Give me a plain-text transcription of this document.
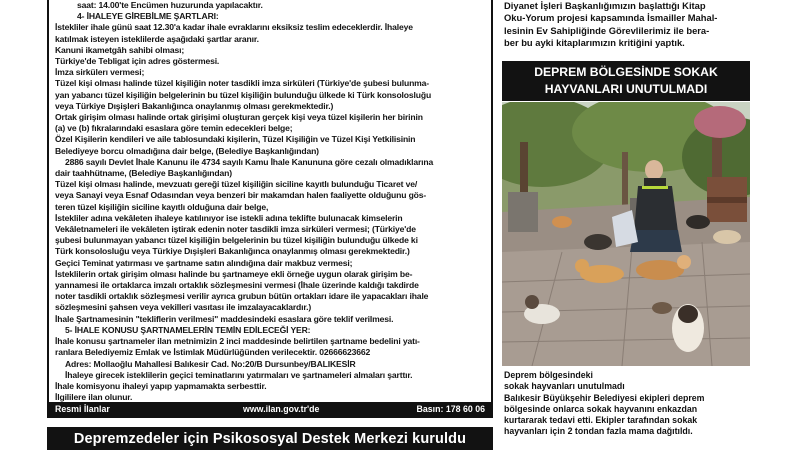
saat: 14.00'te Encümen huzurunda yapılacaktır.
4- İHALEYE GİREBİLME ŞARTLARI:
İstekliler ihale günü saat 12.30'a kadar ihale evraklarını eksiksiz teslim edeceklerdir. İhaleye
katılmak isteyen isteklilerde aşağıdaki şartlar aranır.
Kanuni ikametgâh sahibi olması;
Türkiye'de Tebligat için adres göstermesi.
İmza sirkülerı vermesi;
Tüzel kişi olması halinde tüzel kişiliğin noter tasdikli imza sirküleri (Türkiye'de şubesi bulunma-
yan yabancı tüzel kişiliğin belgelerinin bu tüzel kişiliğin bulunduğu ülkede ki Türk konsolosluğu
veya Türkiye Dışişleri Bakanlığınca onaylanmış olması gerekmektedir.)
Ortak girişim olması halinde ortak girişimi oluşturan gerçek kişi veya tüzel kişilerin her birinin
(a) ve (b) fıkralarındaki esaslara göre temin edecekleri belge;
Özel Kişilerin kendileri ve aile tablosundaki kişilerin, Tüzel Kişiliğin ve Tüzel Kişi Yetkilisinin
Belediyeye borcu olmadığına dair belge, (Belediye Başkanlığından)
2886 sayılı Devlet İhale Kanunu ile 4734 sayılı Kamu İhale Kanununa göre cezalı olmadıklarına
dair taahhütname, (Belediye Başkanlığından)
Tüzel kişi olması halinde, mevzuatı gereği tüzel kişiliğin siciline kayıtlı bulunduğu Ticaret ve/
veya Sanayi veya Esnaf Odasından veya benzeri bir makamdan halen faaliyette olduğunu gös-
teren tüzel kişiliğin siciline kayıtlı olduğuna dair belge,
İstekliler adına vekâleten ihaleye katılınıyor ise istekli adına teklifte bulunacak kimselerin
Vekâletnameleri ile vekâleten iştirak edenin noter tasdikli imza sirküleri vermesi; (Türkiye'de
şubesi bulunmayan yabancı tüzel kişiliğin belgelerinin bu tüzel kişiliğin bulunduğu ülkede ki
Türk konsolosluğu veya Türkiye Dışişleri Bakanlığınca onaylanmış olması gerekmektedir.)
Geçici Teminat yatırması ve şartname satın alındığına dair makbuz vermesi;
İsteklilerin ortak girişim olması halinde bu şartnameye ekli örneğe uygun olarak girişim be-
yannamesi ile ortaklarca imzalı ortaklık sözleşmesini vermesi (İhale üzerinde kaldığı takdirde
noter tasdikli ortaklık sözleşmesi verilir ayrıca grubun bütün ortakları idare ile yapacakları ihale
sözleşmesini şahsen veya vekilleri vasıtası ile imzalayacaklardır.)
İhale Şartnamesinin "tekliflerin verilmesi" maddesindeki esaslara göre teklif verilmesi.
5- İHALE KONUSU ŞARTNAMELERİN TEMİN EDİLECEĞİ YER:
İhale konusu şartnameler ilan metnimizin 2 inci maddesinde belirtilen şartname bedelini yatı-
ranlara Belediyemiz Emlak ve İstimlak Müdürlüğünden verilecektir. 02666623662
Adres: Mollaoğlu Mahallesi Balıkesir Cad. No:20/B Dursunbey/BALIKESİR
İhaleye girecek isteklilerin geçici teminatlarını yatırmaları ve şartnameleri almaları şarttır.
İhale komisyonu ihaleyi yapıp yapmamakta serbesttir.
İlgililere ilan olunur.
Resmi İlanlar	www.ilan.gov.tr'de	Basın: 178 60 06
Depremzedeler için Psikososyal Destek Merkezi kuruldu
Diyanet İşleri Başkanlığımızın başlattığı Kitap
Oku-Yorum projesi kapsamında İsmailler Mahal-
lesinin Ev Sahipliğinde Görevlilerimiz ile bera-
ber bu ayki kitaplarımızın kritiğini yaptık.
DEPREM BÖLGESİNDE SOKAK
HAYVANLARI UNUTULMADI
Deprem bölgesindeki
sokak hayvanları unutulmadı
Balıkesir Büyükşehir Belediyesi ekipleri deprem
bölgesinde onlarca sokak hayvanını enkazdan
kurtararak tedavi etti. Ekipler tarafından sokak
hayvanları için 2 tondan fazla mama dağıtıldı.
